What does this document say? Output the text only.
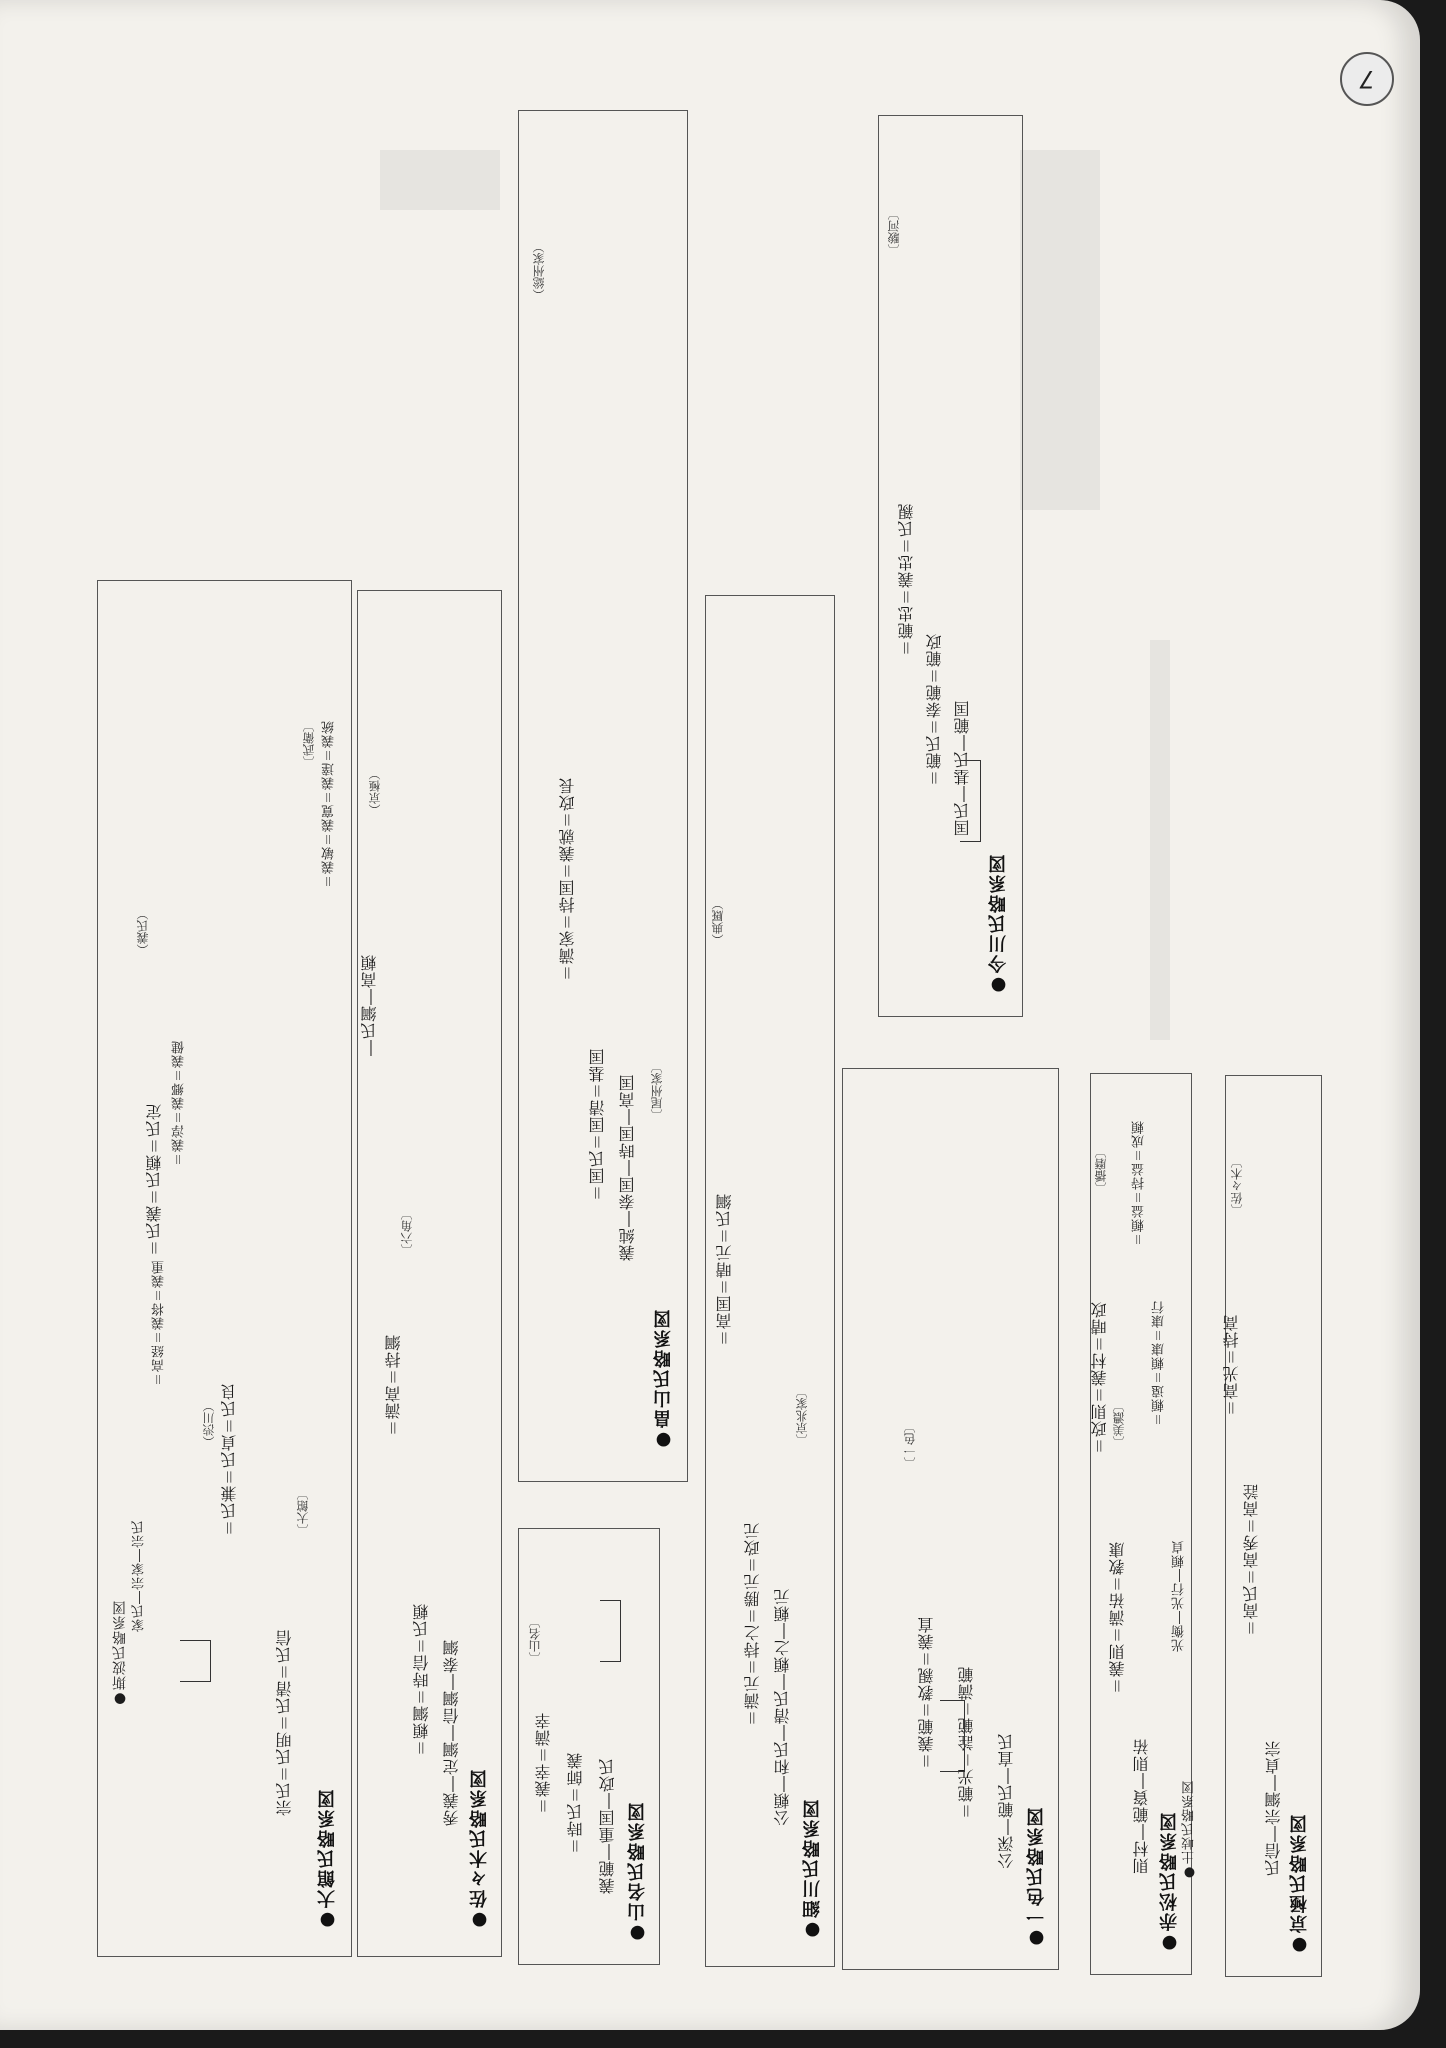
7
●今川氏略系図
国氏―基氏―範国
＝範氏＝泰範＝範政
＝範忠＝義忠＝氏親
〔駿河〕
●畠山氏略系図
義純―泰国―時国―高国
＝国氏＝国清＝基国
＝満家＝持国＝義就＝政長
〔尾州家〕
（総州家）
●細川氏略系図
公頼―和氏―清氏―頼之―頼元
＝満元＝持之＝勝元＝政元
＝高国＝晴元＝氏綱
〔京兆家〕
（典厩）
●佐々木氏略系図
秀義―定綱―信綱―泰綱
＝頼綱＝時信＝氏頼
＝満高＝持綱
―氏綱―高頼
〔六角〕
（京極）
●大館氏略系図
宗氏＝氏明＝氏清＝氏信
＝氏兼＝氏貞＝氏良
＝氏義＝氏頼＝氏定
〔大館〕
（義氏）
●山名氏略系図
義範―重国―政氏
＝時氏＝師義
＝義幸＝満幸
〔山名〕
●一色氏略系図
公深―範氏―直氏
＝範光＝詮範＝満範
＝義範＝教親＝義直
〔一色〕
●赤松氏略系図
則村―範資―則祐
＝義則＝満祐＝教康
＝政則＝義村＝晴政
〔播磨〕
●京極氏略系図
氏信―宗綱―貞宗
＝高氏＝高秀＝高詮
＝高光＝持高
〔佐々木〕
●斯波氏略系図
家氏―宗家―宗氏
＝高経＝義将＝義重
＝義淳＝義郷＝義健
＝義敏＝義寛＝義達＝義統
〔武衛〕
（渋川）
●土岐氏略系図
光衡―光行―頼貞
＝頼遠＝頼康＝康行
＝頼益＝持益＝成頼
〔美濃〕
